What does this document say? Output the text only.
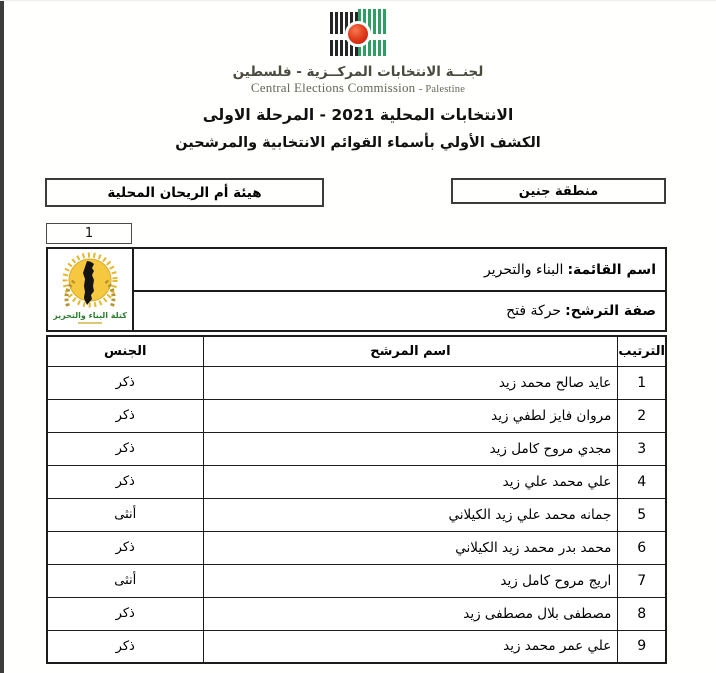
لجنــة الانتخابات المركــزية - فلسطين
Central Elections Commission - Palestine
الانتخابات المحلية 2021 - المرحلة الاولى
الكشف الأولي بأسماء القوائم الانتخابية والمرشحين
منطقة جنين
هيئة أم الريحان المحلية
1
كتلة البناء والتحرير
اسم القائمة:
البناء والتحرير
صفة الترشح:
حركة فتح
الترتيب	اسم المرشح	الجنس
1	عايد صالح محمد زيد	ذكر
2	مروان فايز لطفي زيد	ذكر
3	مجدي مروح كامل زيد	ذكر
4	علي محمد علي زيد	ذكر
5	جمانه محمد علي زيد الكيلاني	أنثى
6	محمد بدر محمد زيد الكيلاني	ذكر
7	اريج مروح كامل زيد	أنثى
8	مصطفى بلال مصطفى زيد	ذكر
9	علي عمر محمد زيد	ذكر
